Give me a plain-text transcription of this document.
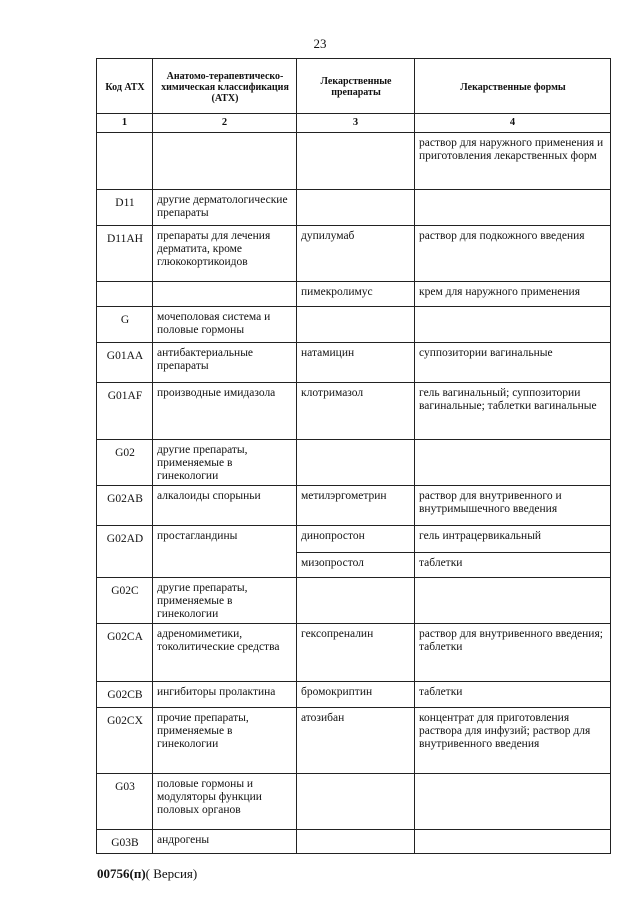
23
Код АТХ	Анатомо-терапевтическо-химическая классификация (АТХ)	Лекарственные препараты	Лекарственные формы
1	2	3	4
			раствор для наружного применения и приготовления лекарственных форм
D11	другие дерматологические препараты		
D11AH	препараты для лечения дерматита, кроме глюкокортикоидов	дупилумаб	раствор для подкожного введения
		пимекролимус	крем для наружного применения
G	мочеполовая система и половые гормоны		
G01AA	антибактериальные препараты	натамицин	суппозитории вагинальные
G01AF	производные имидазола	клотримазол	гель вагинальный; суппозитории вагинальные; таблетки вагинальные
G02	другие препараты, применяемые в гинекологии		
G02AB	алкалоиды спорыньи	метилэргометрин	раствор для внутривенного и внутримышечного введения
G02AD	простагландины	динопростон	гель интрацервикальный
		мизопростол	таблетки
G02C	другие препараты, применяемые в гинекологии		
G02CA	адреномиметики, токолитические средства	гексопреналин	раствор для внутривенного введения; таблетки
G02CB	ингибиторы пролактина	бромокриптин	таблетки
G02CX	прочие препараты, применяемые в гинекологии	атозибан	концентрат для приготовления раствора для инфузий; раствор для внутривенного введения
G03	половые гормоны и модуляторы функции половых органов		
G03B	андрогены		
00756(п)( Версия)
